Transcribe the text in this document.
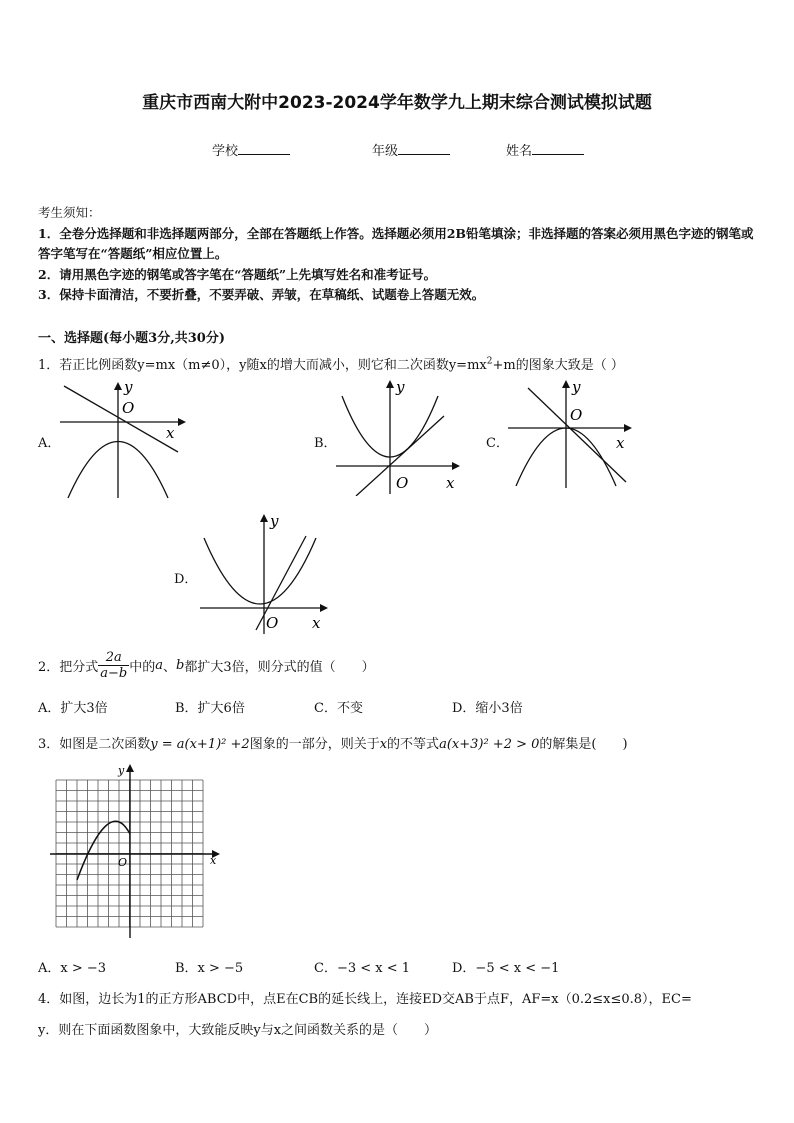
重庆市西南大附中2023-2024学年数学九上期末综合测试模拟试题
学校	年级	姓名
考生须知：
1．全卷分选择题和非选择题两部分，全部在答题纸上作答。选择题必须用2B铅笔填涂；非选择题的答案必须用黑色字迹的钢笔或答字笔写在“答题纸”相应位置上。
2．请用黑色字迹的钢笔或答字笔在“答题纸”上先填写姓名和准考证号。
3．保持卡面清洁，不要折叠，不要弄破、弄皱，在草稿纸、试题卷上答题无效。
一、选择题(每小题3分,共30分)
1．若正比例函数y=mx（m≠0），y随x的增大而减小，则它和二次函数$y=mx^2+m$的图象大致是（ ）
A．
y
O
x
B．
y
O	x
C．
y
O
x
D．
y
O x
2．把分式 $\frac{2a}{a-b}$ 中的a、b都扩大3倍，则分式的值（　　）
A．扩大3倍	B．扩大6倍	C．不变	D．缩小3倍
3．如图是二次函数y = a(x+1)² +2图象的一部分，则关于x的不等式a(x+3)² +2 > 0的解集是(　　)
y
O	x
A．x > −3	B．x > −5	C．−3 < x < 1	D．−5 < x < −1
4．如图，边长为1的正方形ABCD中，点E在CB的延长线上，连接ED交AB于点F，AF=x（0.2≤x≤0.8），EC=
y．则在下面函数图象中，大致能反映y与x之间函数关系的是（　　）
